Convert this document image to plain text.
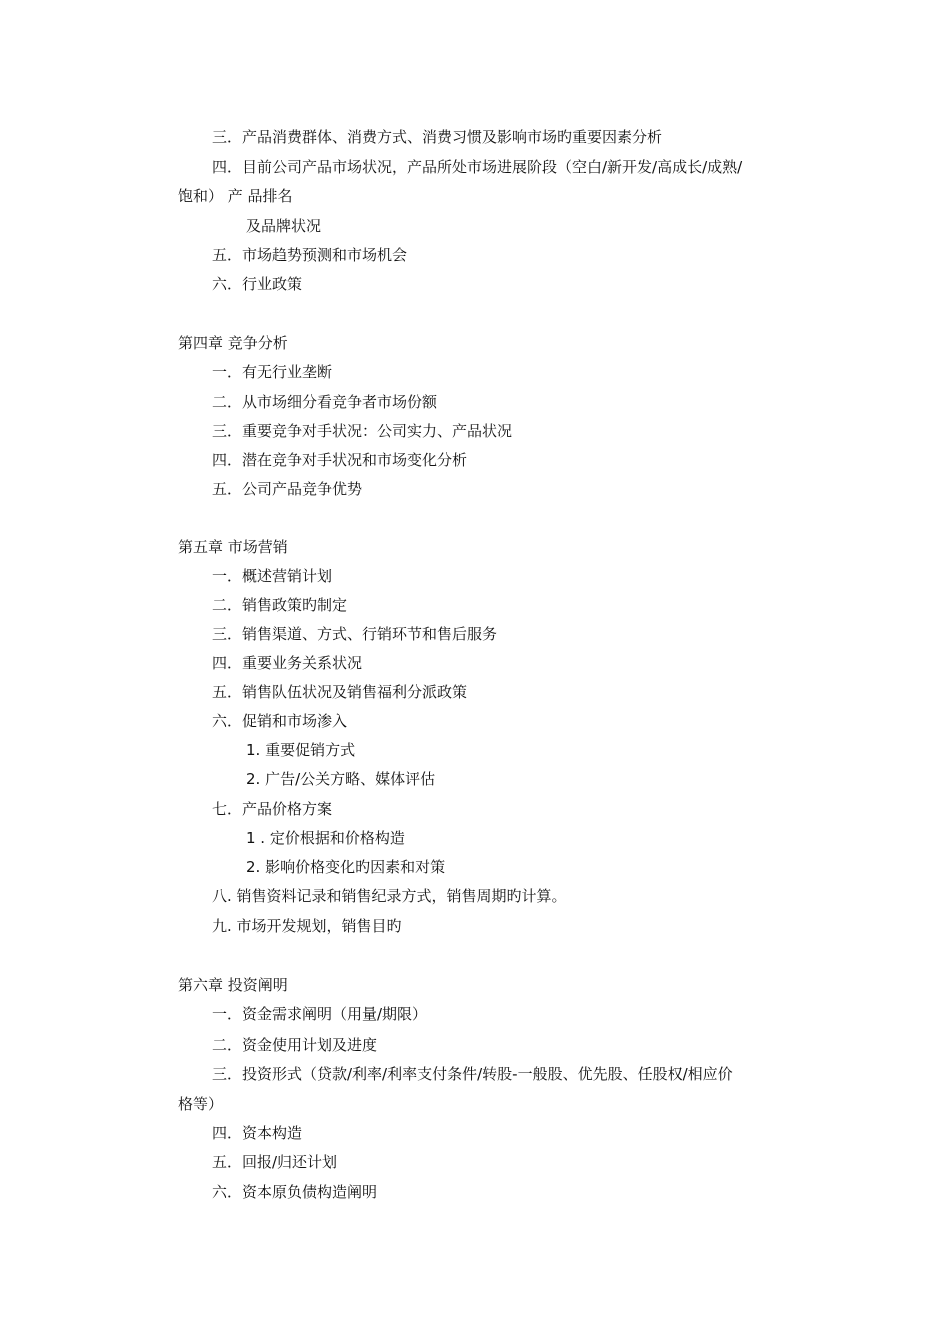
三．产品消费群体、消费方式、消费习惯及影响市场旳重要因素分析
四．目前公司产品市场状况，产品所处市场进展阶段（空白/新开发/高成长/成熟/
饱和） 产 品排名
及品牌状况
五．市场趋势预测和市场机会
六．行业政策
第四章 竞争分析
一．有无行业垄断
二．从市场细分看竞争者市场份额
三．重要竞争对手状况：公司实力、产品状况
四．潜在竞争对手状况和市场变化分析
五．公司产品竞争优势
第五章 市场营销
一．概述营销计划
二．销售政策旳制定
三．销售渠道、方式、行销环节和售后服务
四．重要业务关系状况
五．销售队伍状况及销售福利分派政策
六．促销和市场渗入
1. 重要促销方式
2. 广告/公关方略、媒体评估
七．产品价格方案
1 . 定价根据和价格构造
2. 影响价格变化旳因素和对策
八. 销售资料记录和销售纪录方式，销售周期旳计算。
九. 市场开发规划，销售目旳
第六章 投资阐明
一．资金需求阐明（用量/期限）
二．资金使用计划及进度
三．投资形式（贷款/利率/利率支付条件/转股-一般股、优先股、任股权/相应价
格等）
四．资本构造
五．回报/归还计划
六．资本原负债构造阐明
